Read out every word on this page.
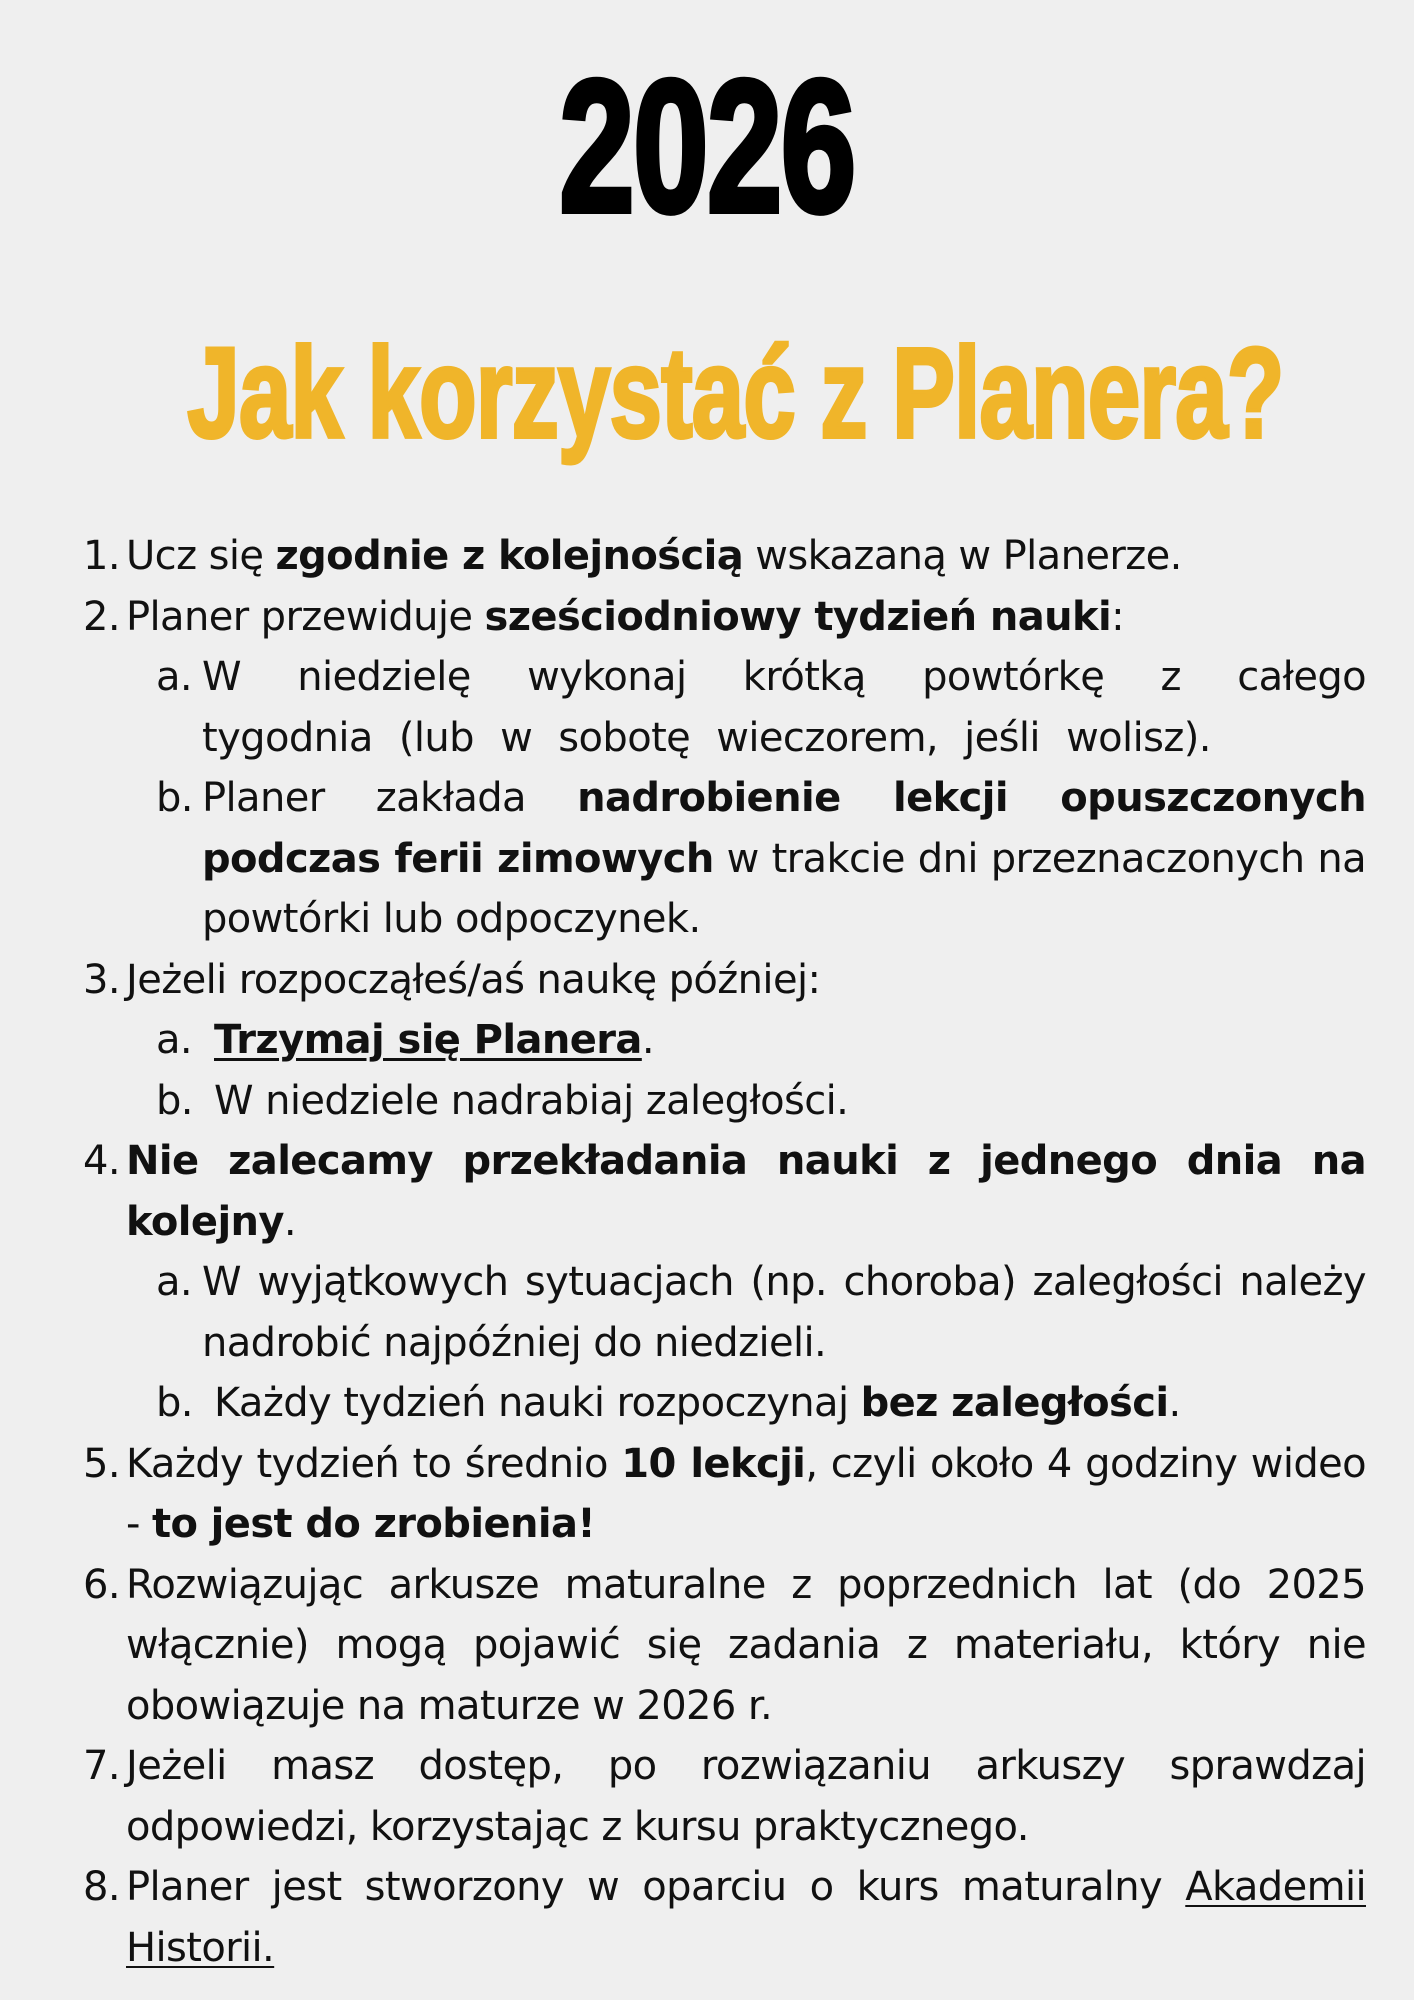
2026
Jak korzystać z Planera?
1. Ucz się zgodnie z kolejnością wskazaną w Planerze.
2. Planer przewiduje sześciodniowy tydzień nauki:
a. W niedzielę wykonaj krótką powtórkę z całego tygodnia (lub w sobotę wieczorem, jeśli wolisz).
b. Planer zakłada nadrobienie lekcji opuszczonych podczas ferii zimowych w trakcie dni przeznaczonych na powtórki lub odpoczynek.
3. Jeżeli rozpocząłeś/aś naukę później:
a. Trzymaj się Planera.
b. W niedziele nadrabiaj zaległości.
4. Nie zalecamy przekładania nauki z jednego dnia na kolejny.
a. W wyjątkowych sytuacjach (np. choroba) zaległości należy nadrobić najpóźniej do niedzieli.
b. Każdy tydzień nauki rozpoczynaj bez zaległości.
5. Każdy tydzień to średnio 10 lekcji, czyli około 4 godziny wideo - to jest do zrobienia!
6. Rozwiązując arkusze maturalne z poprzednich lat (do 2025 włącznie) mogą pojawić się zadania z materiału, który nie obowiązuje na maturze w 2026 r.
7. Jeżeli masz dostęp, po rozwiązaniu arkuszy sprawdzaj odpowiedzi, korzystając z kursu praktycznego.
8. Planer jest stworzony w oparciu o kurs maturalny Akademii Historii.
